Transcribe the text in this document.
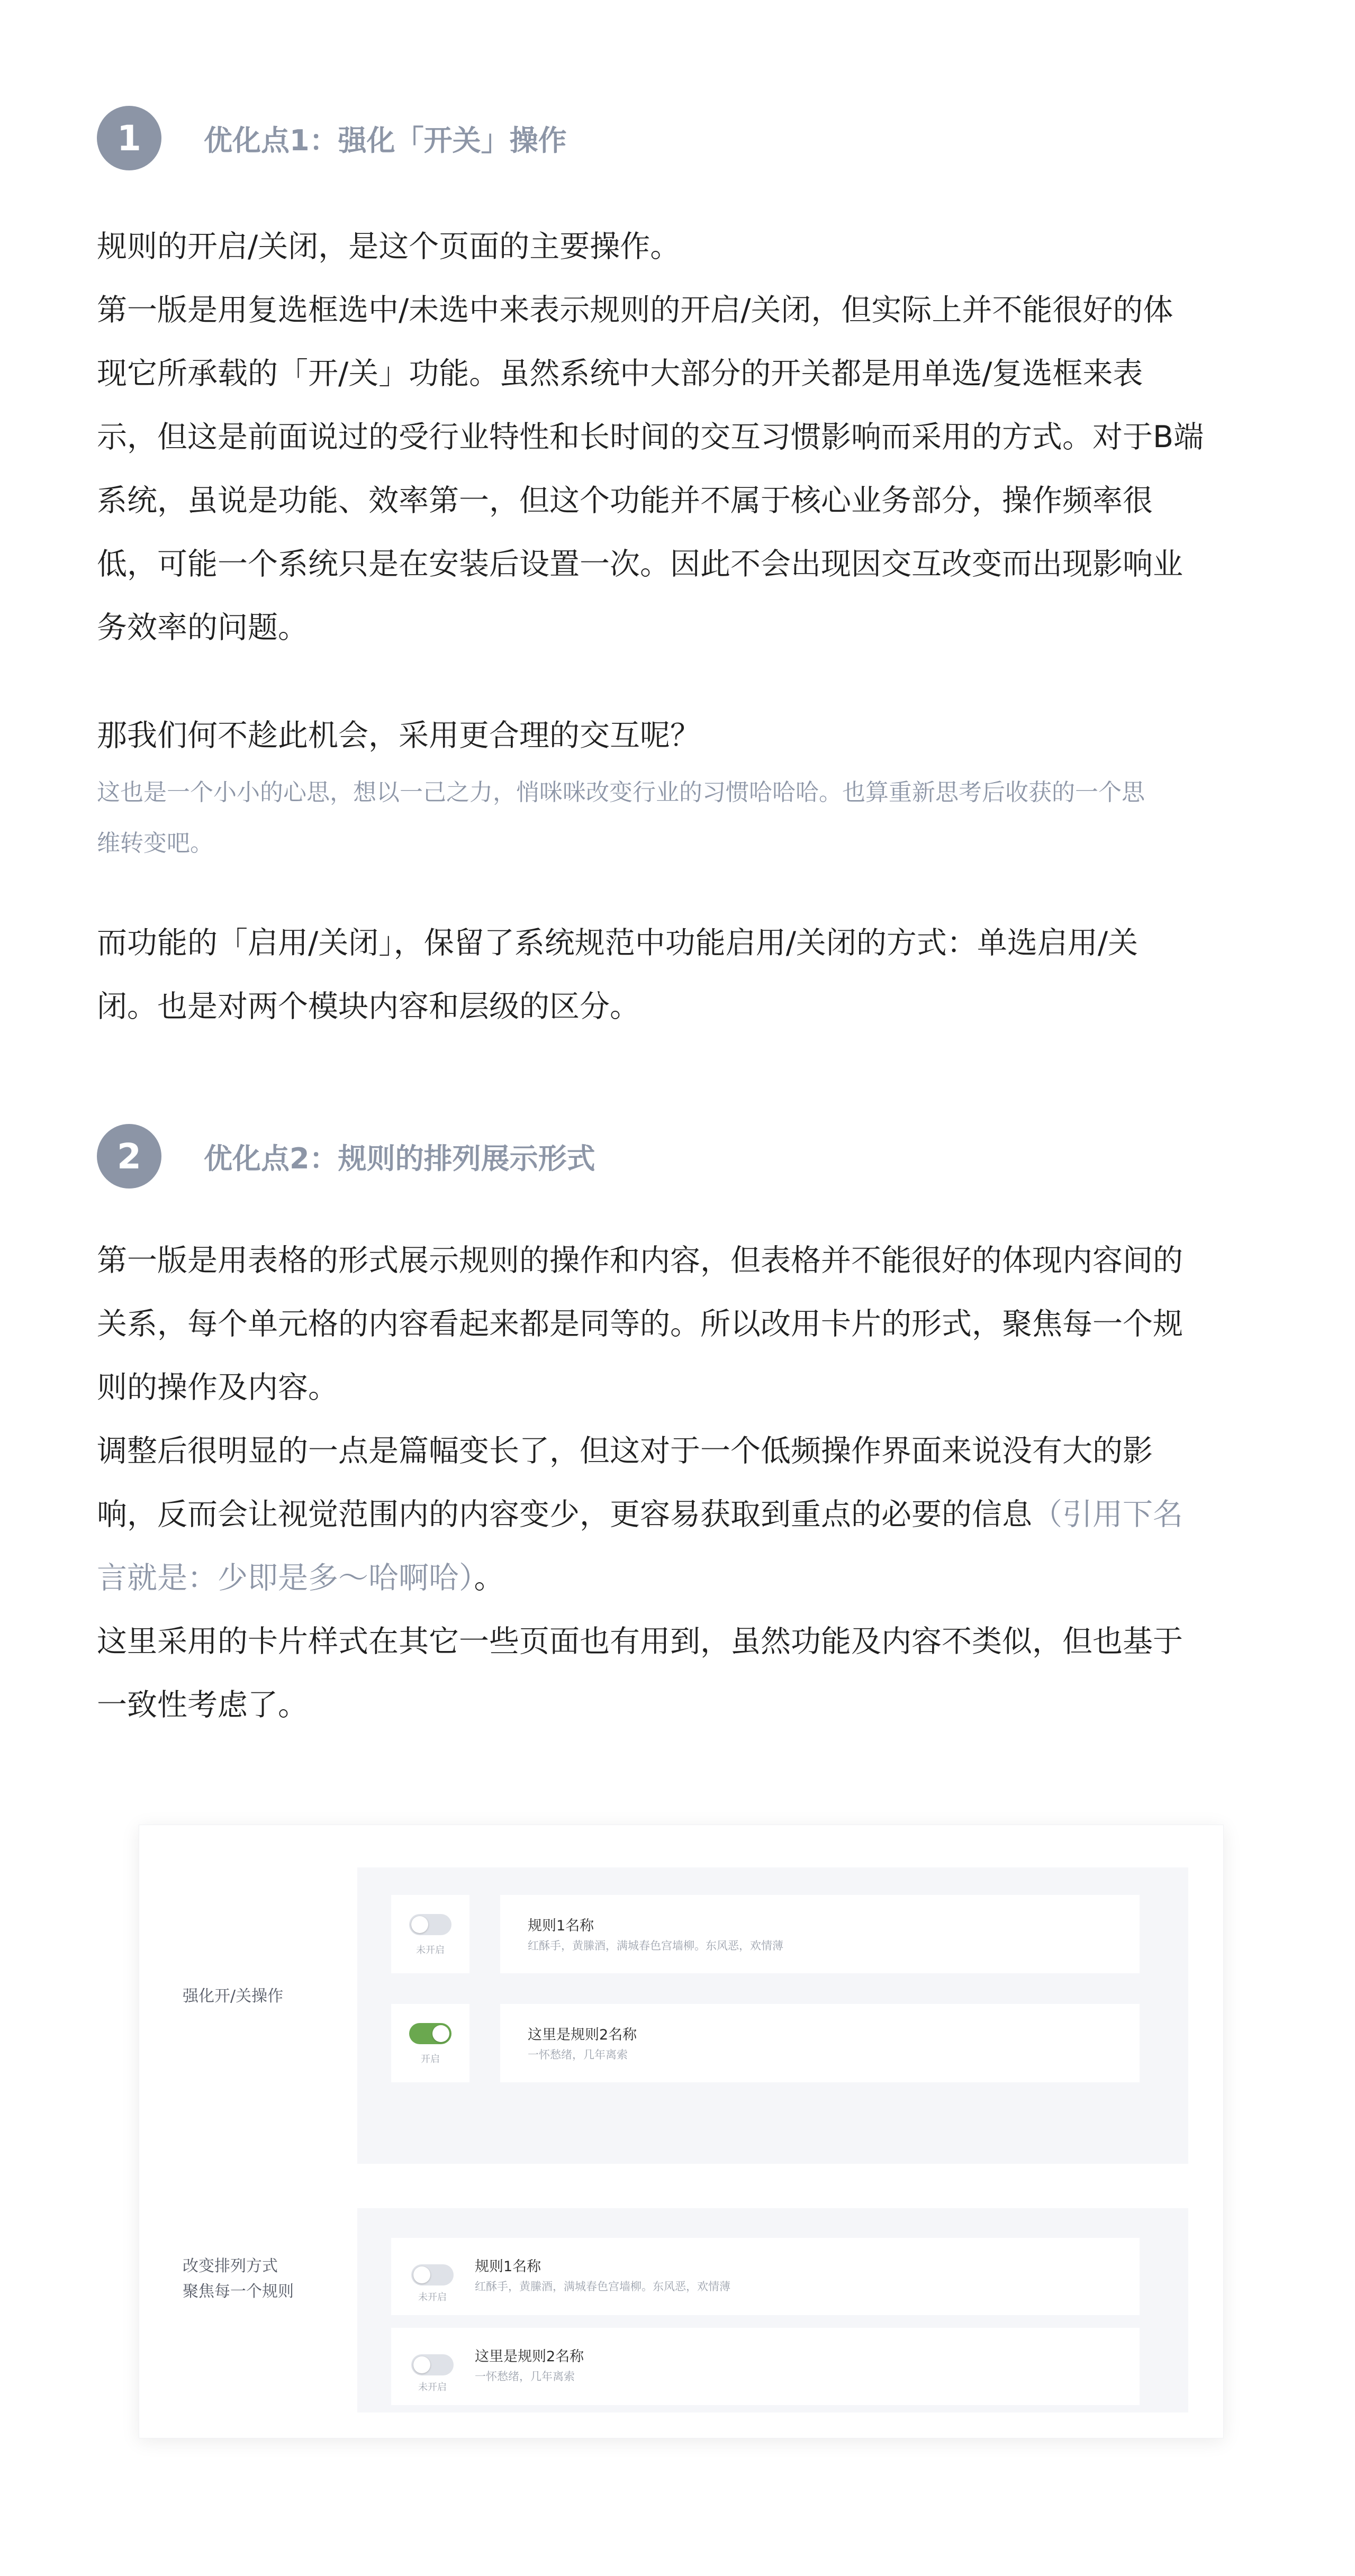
1	优化点1：强化「开关」操作

规则的开启/关闭，是这个页面的主要操作。
第一版是用复选框选中/未选中来表示规则的开启/关闭，但实际上并不能很好的体
现它所承载的「开/关」功能。虽然系统中大部分的开关都是用单选/复选框来表
示，但这是前面说过的受行业特性和长时间的交互习惯影响而采用的方式。对于B端
系统，虽说是功能、效率第一，但这个功能并不属于核心业务部分，操作频率很
低，可能一个系统只是在安装后设置一次。因此不会出现因交互改变而出现影响业
务效率的问题。

那我们何不趁此机会，采用更合理的交互呢？

这也是一个小小的心思，想以一己之力，悄咪咪改变行业的习惯哈哈哈。也算重新思考后收获的一个思
维转变吧。

而功能的「启用/关闭」，保留了系统规范中功能启用/关闭的方式：单选启用/关
闭。也是对两个模块内容和层级的区分。

2	优化点2：规则的排列展示形式

第一版是用表格的形式展示规则的操作和内容，但表格并不能很好的体现内容间的
关系，每个单元格的内容看起来都是同等的。所以改用卡片的形式，聚焦每一个规
则的操作及内容。

调整后很明显的一点是篇幅变长了，但这对于一个低频操作界面来说没有大的影
响，反而会让视觉范围内的内容变少，更容易获取到重点的必要的信息（引用下名
言就是：少即是多～哈啊哈）。

这里采用的卡片样式在其它一些页面也有用到，虽然功能及内容不类似，但也基于
一致性考虑了。

强化开/关操作
未开启
规则1名称
红酥手，黄縢酒，满城春色宫墙柳。东风恶，欢情薄
开启
这里是规则2名称
一怀愁绪，几年离索
改变排列方式
聚焦每一个规则	未开启
规则1名称
红酥手，黄縢酒，满城春色宫墙柳。东风恶，欢情薄
未开启
这里是规则2名称
一怀愁绪，几年离索
